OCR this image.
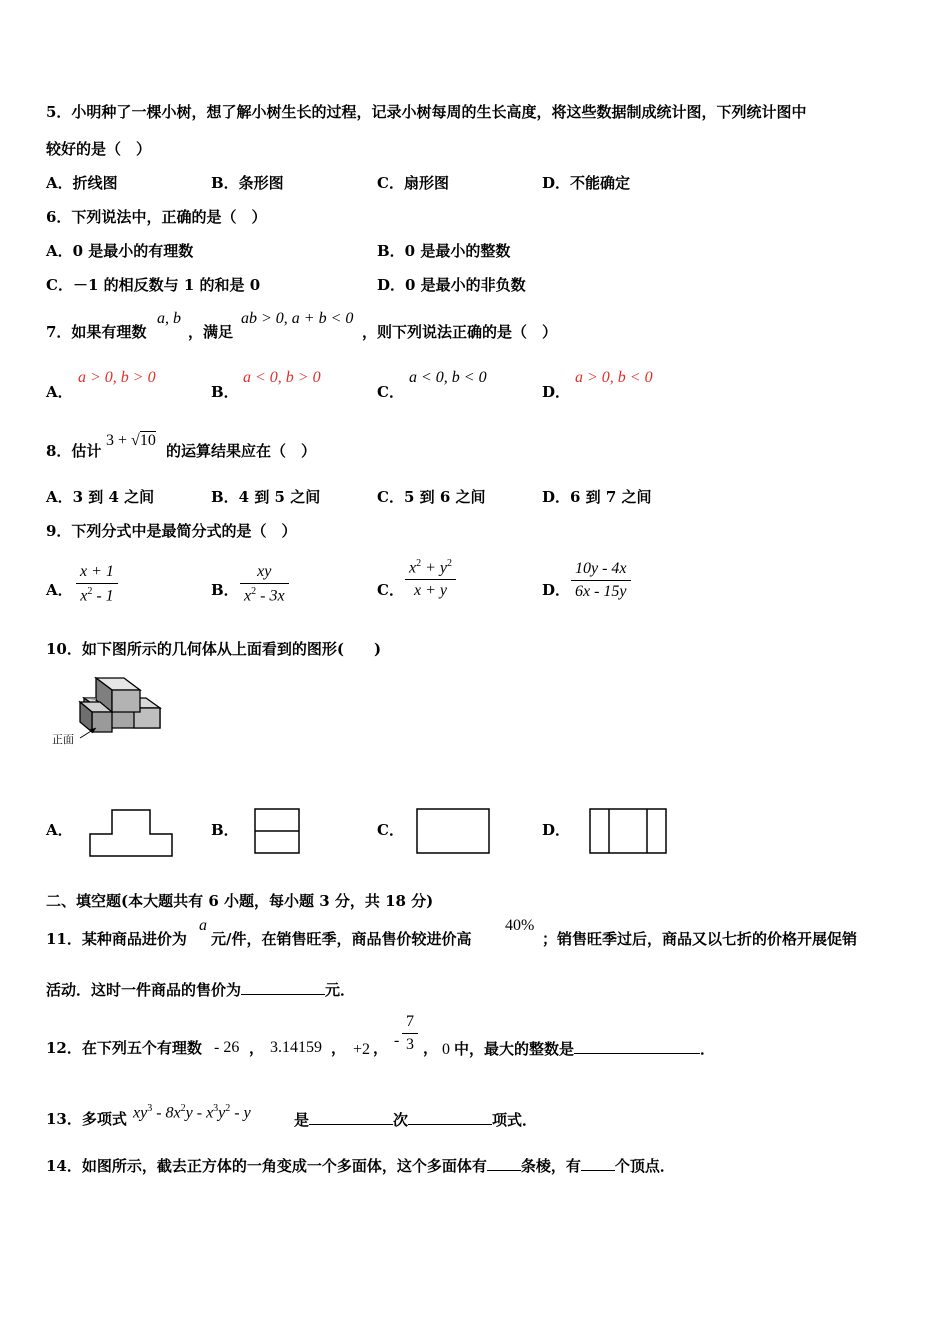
5．小明种了一棵小树，想了解小树生长的过程，记录小树每周的生长高度，将这些数据制成统计图，下列统计图中
较好的是（　）
A．折线图	B．条形图	C．扇形图	D．不能确定
6．下列说法中，正确的是（　）
A．0 是最小的有理数	B．0 是最小的整数
C．－1 的相反数与 1 的和是 0	D．0 是最小的非负数
7．如果有理数
a, b
，满足
ab > 0, a + b < 0
，则下列说法正确的是（　）
A．
a > 0, b > 0
B．
a < 0, b > 0
C．
a < 0, b < 0
D．
a > 0, b < 0
8．估计
3 + √10
的运算结果应在（　）
A．3 到 4 之间	B．4 到 5 之间	C．5 到 6 之间	D．6 到 7 之间
9．下列分式中是最简分式的是（　）
A． $\frac{x + 1}{x^2 - 1}$	B． $\frac{xy}{x^2 - 3x}$	C． $\frac{x^2 + y^2}{x + y}$	D． $\frac{10y - 4x}{6x - 15y}$
10．如下图所示的几何体从上面看到的图形(　　)
正面
A．	B．	C．	D．
二、填空题(本大题共有 6 小题，每小题 3 分，共 18 分)
11．某种商品进价为
a
元/件，在销售旺季，商品售价较进价高
40%
；销售旺季过后，商品又以七折的价格开展促销
活动．这时一件商品的售价为	元．
12．在下列五个有理数 - 26 ， 3.14159 ， +2 ， - $\frac{7}{3}$ ， 0 中，最大的整数是	．
13．多项式 $xy^3 - 8x^2y - x^3y^2$ - y	是	次	项式．
14．如图所示，截去正方体的一角变成一个多面体，这个多面体有 条棱，有 个顶点．
